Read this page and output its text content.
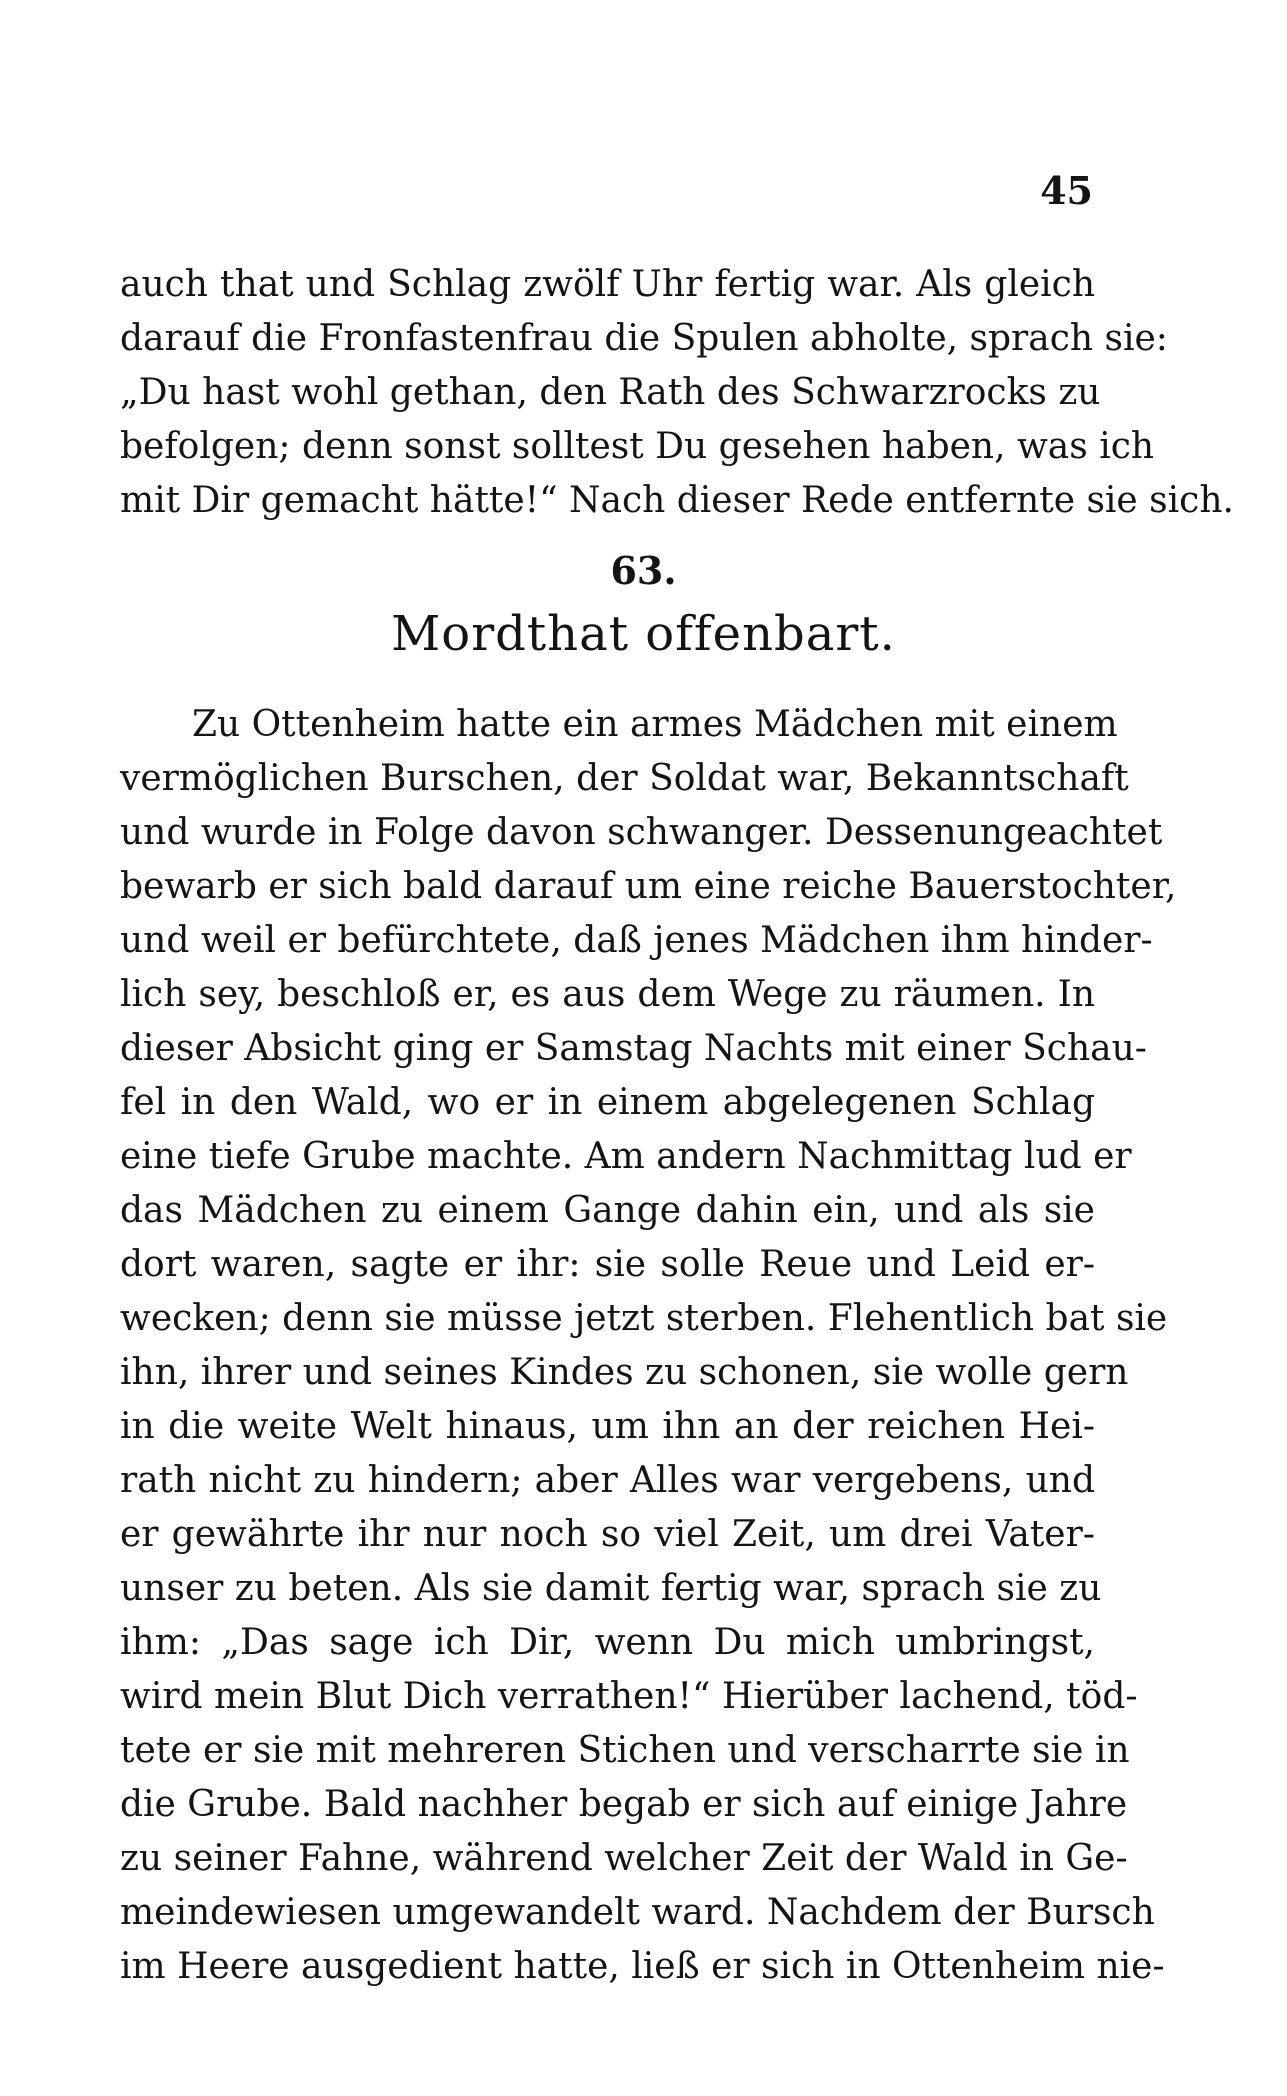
45

auch that und Schlag zwölf Uhr fertig war. Als gleich
darauf die Fronfastenfrau die Spulen abholte, sprach sie:
„Du hast wohl gethan, den Rath des Schwarzrocks zu
befolgen; denn sonst solltest Du gesehen haben, was ich
mit Dir gemacht hätte!“ Nach dieser Rede entfernte sie sich.
63.
Mordthat offenbart.
Zu Ottenheim hatte ein armes Mädchen mit einem
vermöglichen Burschen, der Soldat war, Bekanntschaft
und wurde in Folge davon schwanger. Dessenungeachtet
bewarb er sich bald darauf um eine reiche Bauerstochter,
und weil er befürchtete, daß jenes Mädchen ihm hinder-
lich sey, beschloß er, es aus dem Wege zu räumen. In
dieser Absicht ging er Samstag Nachts mit einer Schau-
fel in den Wald, wo er in einem abgelegenen Schlag
eine tiefe Grube machte. Am andern Nachmittag lud er
das Mädchen zu einem Gange dahin ein, und als sie
dort waren, sagte er ihr: sie solle Reue und Leid er-
wecken; denn sie müsse jetzt sterben. Flehentlich bat sie
ihn, ihrer und seines Kindes zu schonen, sie wolle gern
in die weite Welt hinaus, um ihn an der reichen Hei-
rath nicht zu hindern; aber Alles war vergebens, und
er gewährte ihr nur noch so viel Zeit, um drei Vater-
unser zu beten. Als sie damit fertig war, sprach sie zu
ihm: „Das sage ich Dir, wenn Du mich umbringst,
wird mein Blut Dich verrathen!“ Hierüber lachend, töd-
tete er sie mit mehreren Stichen und verscharrte sie in
die Grube. Bald nachher begab er sich auf einige Jahre
zu seiner Fahne, während welcher Zeit der Wald in Ge-
meindewiesen umgewandelt ward. Nachdem der Bursch
im Heere ausgedient hatte, ließ er sich in Ottenheim nie-
